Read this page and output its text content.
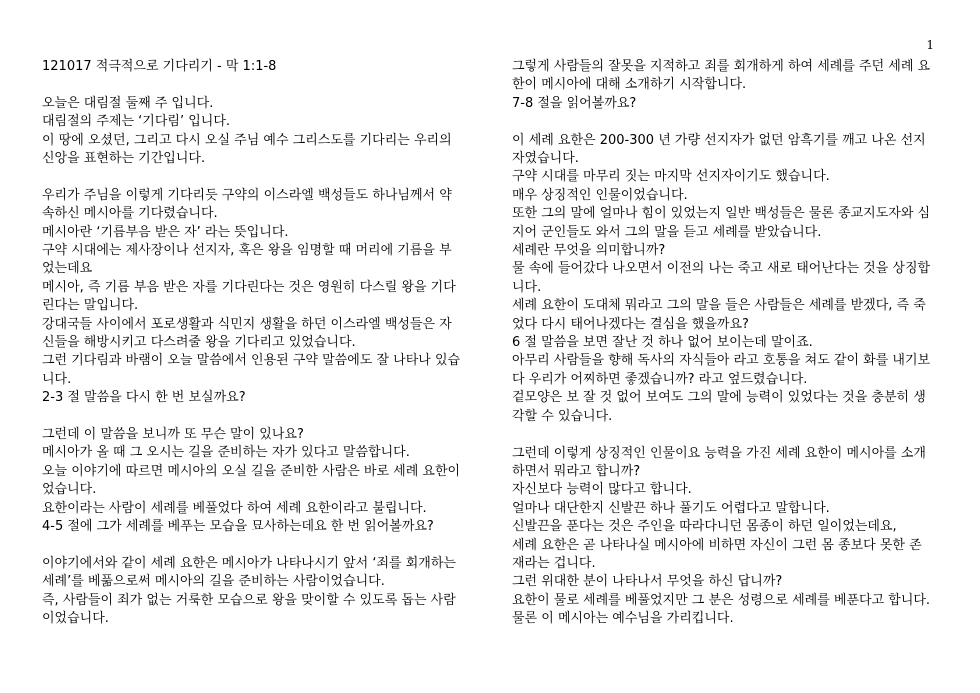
1

121017 적극적으로 기다리기 - 막 1:1-8

오늘은 대림절 둘째 주 입니다.

대림절의 주제는 ‘기다림’ 입니다.

이 땅에 오셨던, 그리고 다시 오실 주님 예수 그리스도를 기다리는 우리의 신앙을 표현하는 기간입니다.

우리가 주님을 이렇게 기다리듯 구약의 이스라엘 백성들도 하나님께서 약속하신 메시아를 기다렸습니다.

메시아란 ‘기름부음 받은 자’ 라는 뜻입니다.

구약 시대에는 제사장이나 선지자, 혹은 왕을 임명할 때 머리에 기름을 부었는데요

메시아, 즉 기름 부음 받은 자를 기다린다는 것은 영원히 다스릴 왕을 기다린다는 말입니다.

강대국들 사이에서 포로생활과 식민지 생활을 하던 이스라엘 백성들은 자신들을 해방시키고 다스려줄 왕을 기다리고 있었습니다.

그런 기다림과 바램이 오늘 말씀에서 인용된 구약 말씀에도 잘 나타나 있습니다.

2-3 절 말씀을 다시 한 번 보실까요?

그런데 이 말씀을 보니까 또 무슨 말이 있나요?

메시아가 올 때 그 오시는 길을 준비하는 자가 있다고 말씀합니다.

오늘 이야기에 따르면 메시아의 오실 길을 준비한 사람은 바로 세례 요한이었습니다.

요한이라는 사람이 세례를 베풀었다 하여 세례 요한이라고 불립니다.

4-5 절에 그가 세례를 베푸는 모습을 묘사하는데요 한 번 읽어볼까요?

이야기에서와 같이 세례 요한은 메시아가 나타나시기 앞서 ‘죄를 회개하는 세례’를 베풂으로써 메시아의 길을 준비하는 사람이었습니다.

즉, 사람들이 죄가 없는 거룩한 모습으로 왕을 맞이할 수 있도록 돕는 사람이었습니다.

그렇게 사람들의 잘못을 지적하고 죄를 회개하게 하여 세례를 주던 세례 요한이 메시아에 대해 소개하기 시작합니다.

7-8 절을 읽어볼까요?

이 세례 요한은 200-300 년 가량 선지자가 없던 암흑기를 깨고 나온 선지자였습니다.

구약 시대를 마무리 짓는 마지막 선지자이기도 했습니다.

매우 상징적인 인물이었습니다.

또한 그의 말에 얼마나 힘이 있었는지 일반 백성들은 물론 종교지도자와 심지어 군인들도 와서 그의 말을 듣고 세례를 받았습니다.

세례란 무엇을 의미합니까?

물 속에 들어갔다 나오면서 이전의 나는 죽고 새로 태어난다는 것을 상징합니다.

세례 요한이 도대체 뭐라고 그의 말을 들은 사람들은 세례를 받겠다, 즉 죽었다 다시 태어나겠다는 결심을 했을까요?

6 절 말씀을 보면 잘난 것 하나 없어 보이는데 말이죠.

아무리 사람들을 향해 독사의 자식들아 라고 호통을 쳐도 같이 화를 내기보다 우리가 어찌하면 좋겠습니까? 라고 엎드렸습니다.

겉모양은 보 잘 것 없어 보여도 그의 말에 능력이 있었다는 것을 충분히 생각할 수 있습니다.

그런데 이렇게 상징적인 인물이요 능력을 가진 세례 요한이 메시아를 소개하면서 뭐라고 합니까?

자신보다 능력이 많다고 합니다.

얼마나 대단한지 신발끈 하나 풀기도 어렵다고 말합니다.

신발끈을 푼다는 것은 주인을 따라다니던 몸종이 하던 일이었는데요,

세례 요한은 곧 나타나실 메시아에 비하면 자신이 그런 몸 종보다 못한 존재라는 겁니다.

그런 위대한 분이 나타나서 무엇을 하신 답니까?

요한이 물로 세례를 베풀었지만 그 분은 성령으로 세례를 베푼다고 합니다.

물론 이 메시아는 예수님을 가리킵니다.
